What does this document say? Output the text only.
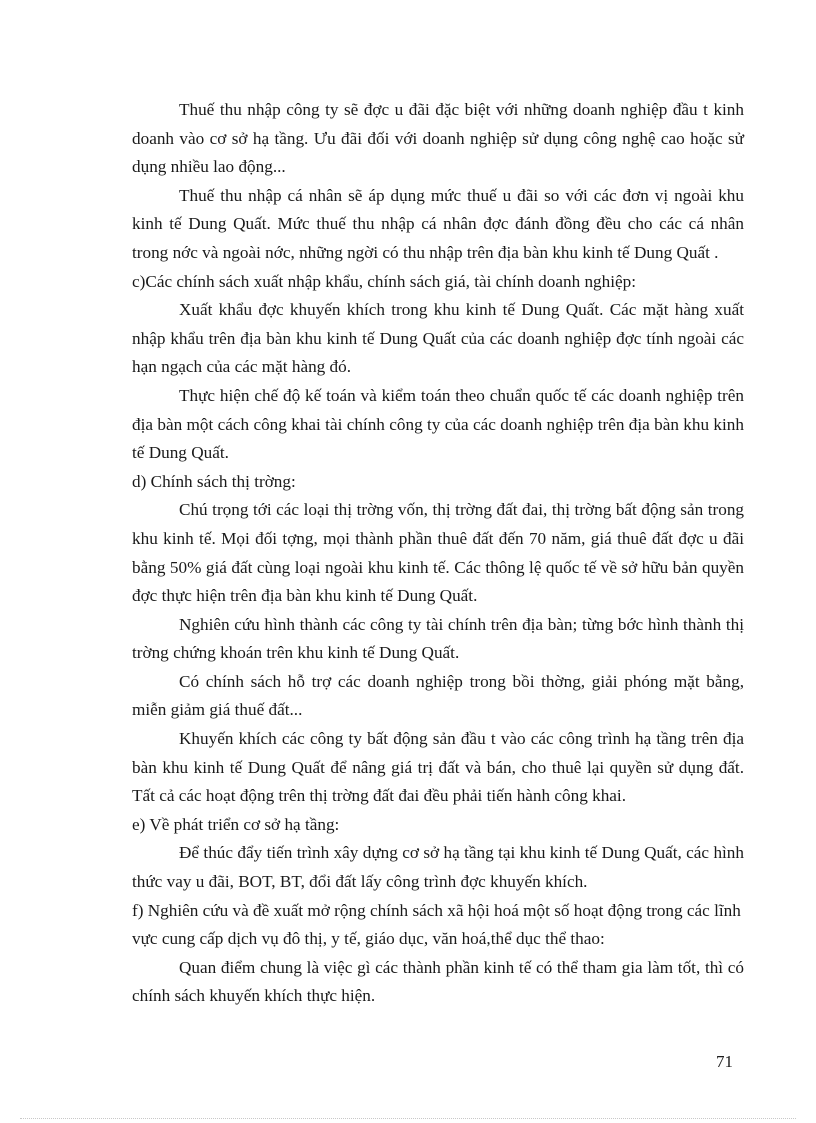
Thuế thu nhập công ty sẽ đợc u đãi đặc biệt với những doanh nghiệp đầu t kinh doanh vào cơ sở hạ tầng. Ưu đãi đối với doanh nghiệp sử dụng công nghệ cao hoặc sử dụng nhiều lao động...

Thuế thu nhập cá nhân sẽ áp dụng mức thuế u đãi so với các đơn vị ngoài khu kinh tế Dung Quất. Mức thuế thu nhập cá nhân đợc đánh đồng đều cho các cá nhân trong nớc và ngoài nớc, những ngời có thu nhập trên địa bàn khu kinh tế Dung Quất .

c)Các chính sách xuất nhập khẩu, chính sách giá, tài chính doanh nghiệp:

Xuất khẩu đợc khuyến khích trong khu kinh tế Dung Quất. Các mặt hàng xuất nhập khẩu trên địa bàn khu kinh tế Dung Quất của các doanh nghiệp đợc tính ngoài các hạn ngạch của các mặt hàng đó.

Thực hiện chế độ kế toán và kiểm toán theo chuẩn quốc tế các doanh nghiệp trên địa bàn một cách công khai tài chính công ty của các doanh nghiệp trên địa bàn khu kinh tế Dung Quất.

d) Chính sách thị trờng:

Chú trọng tới các loại thị trờng vốn, thị trờng đất đai, thị trờng bất động sản trong khu kinh tế. Mọi đối tợng, mọi thành phần thuê đất đến 70 năm, giá thuê đất đợc u đãi bằng 50% giá đất cùng loại ngoài khu kinh tế. Các thông lệ quốc tế về sở hữu bản quyền đợc thực hiện trên địa bàn khu kinh tế Dung Quất.

Nghiên cứu hình thành các công ty tài chính trên địa bàn; từng bớc hình thành thị trờng chứng khoán trên khu kinh tế Dung Quất.

Có chính sách hỗ trợ các doanh nghiệp trong bồi thờng, giải phóng mặt bằng, miễn giảm giá thuế đất...

Khuyến khích các công ty bất động sản đầu t vào các công trình hạ tầng trên địa bàn khu kinh tế Dung Quất để nâng giá trị đất và bán, cho thuê lại quyền sử dụng đất. Tất cả các hoạt động trên thị trờng đất đai đều phải tiến hành công khai.

e) Về phát triển cơ sở hạ tầng:

Để thúc đẩy tiến trình xây dựng cơ sở hạ tầng tại khu kinh tế Dung Quất, các hình thức vay u đãi, BOT, BT, đổi đất lấy công trình đợc khuyến khích.

f) Nghiên cứu và đề xuất mở rộng chính sách xã hội hoá một số hoạt động trong các lĩnh vực cung cấp dịch vụ đô thị, y tế, giáo dục, văn hoá,thể dục thể thao:

Quan điểm chung là việc gì các thành phần kinh tế có thể tham gia làm tốt, thì có chính sách khuyến khích thực hiện.

71
